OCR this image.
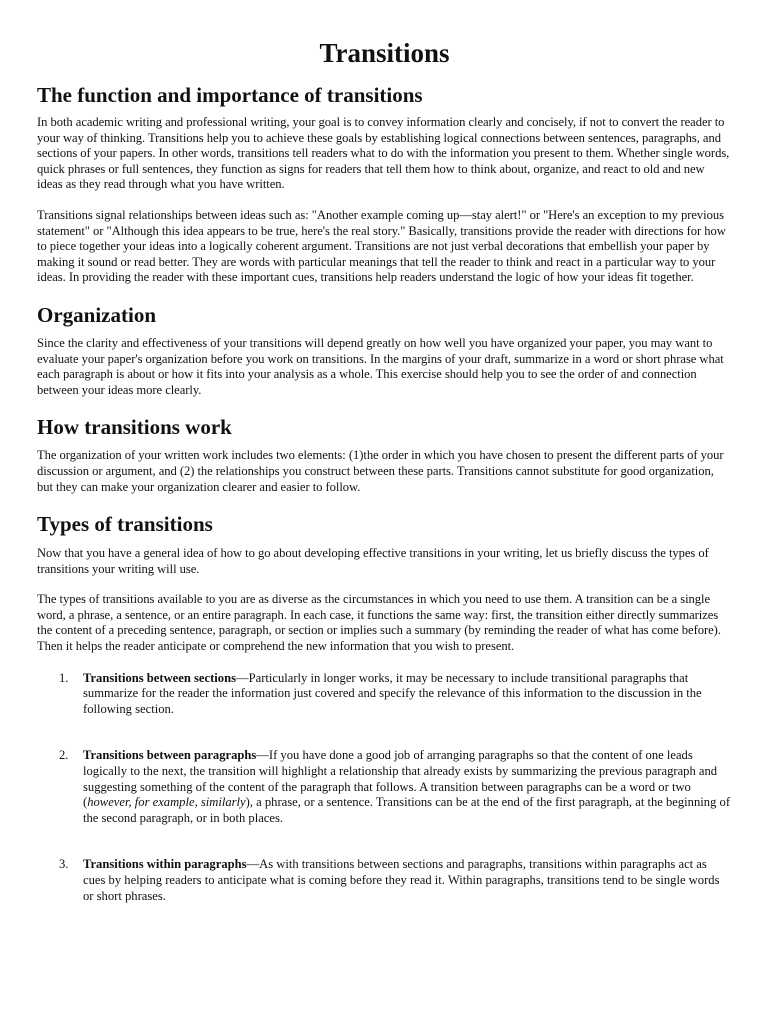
Transitions
The function and importance of transitions

In both academic writing and professional writing, your goal is to convey information clearly and concisely, if not to convert the reader to your way of thinking. Transitions help you to achieve these goals by establishing logical connections between sentences, paragraphs, and sections of your papers. In other words, transitions tell readers what to do with the information you present to them. Whether single words, quick phrases or full sentences, they function as signs for readers that tell them how to think about, organize, and react to old and new ideas as they read through what you have written.

Transitions signal relationships between ideas such as: "Another example coming up—stay alert!" or "Here's an exception to my previous statement" or "Although this idea appears to be true, here's the real story." Basically, transitions provide the reader with directions for how to piece together your ideas into a logically coherent argument. Transitions are not just verbal decorations that embellish your paper by making it sound or read better. They are words with particular meanings that tell the reader to think and react in a particular way to your ideas. In providing the reader with these important cues, transitions help readers understand the logic of how your ideas fit together.

Organization

Since the clarity and effectiveness of your transitions will depend greatly on how well you have organized your paper, you may want to evaluate your paper's organization before you work on transitions. In the margins of your draft, summarize in a word or short phrase what each paragraph is about or how it fits into your analysis as a whole. This exercise should help you to see the order of and connection between your ideas more clearly.

How transitions work

The organization of your written work includes two elements: (1)the order in which you have chosen to present the different parts of your discussion or argument, and (2) the relationships you construct between these parts. Transitions cannot substitute for good organization, but they can make your organization clearer and easier to follow.

Types of transitions

Now that you have a general idea of how to go about developing effective transitions in your writing, let us briefly discuss the types of transitions your writing will use.

The types of transitions available to you are as diverse as the circumstances in which you need to use them. A transition can be a single word, a phrase, a sentence, or an entire paragraph. In each case, it functions the same way: first, the transition either directly summarizes the content of a preceding sentence, paragraph, or section or implies such a summary (by reminding the reader of what has come before). Then it helps the reader anticipate or comprehend the new information that you wish to present.

1. Transitions between sections—Particularly in longer works, it may be necessary to include transitional paragraphs that summarize for the reader the information just covered and specify the relevance of this information to the discussion in the following section.
2. Transitions between paragraphs—If you have done a good job of arranging paragraphs so that the content of one leads logically to the next, the transition will highlight a relationship that already exists by summarizing the previous paragraph and suggesting something of the content of the paragraph that follows. A transition between paragraphs can be a word or two (however, for example, similarly), a phrase, or a sentence. Transitions can be at the end of the first paragraph, at the beginning of the second paragraph, or in both places.
3. Transitions within paragraphs—As with transitions between sections and paragraphs, transitions within paragraphs act as cues by helping readers to anticipate what is coming before they read it. Within paragraphs, transitions tend to be single words or short phrases.
